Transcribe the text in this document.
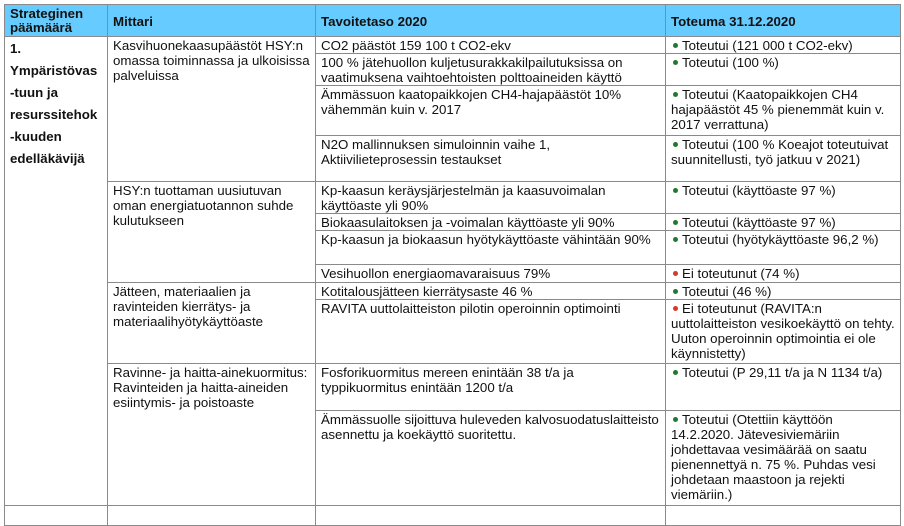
Strateginen päämäärä	Mittari	Tavoitetaso 2020	Toteuma 31.12.2020
1. Ympäristövas -tuun ja resurssitehok -kuuden edelläkävijä	Kasvihuonekaasupäästöt HSY:n omassa toiminnassa ja ulkoisissa palveluissa	CO2 päästöt 159 100 t CO2-ekv	Toteutui (121 000 t CO2-ekv)
		100 % jätehuollon kuljetusurakkakilpailutuksissa on vaatimuksena vaihtoehtoisten polttoaineiden käyttö	Toteutui (100 %)
		Ämmässuon kaatopaikkojen CH4-hajapäästöt 10% vähemmän kuin v. 2017	Toteutui (Kaatopaikkojen CH4 hajapäästöt 45 % pienemmät kuin v. 2017 verrattuna)
		N2O mallinnuksen simuloinnin vaihe 1, Aktiivilieteprosessin testaukset	Toteutui (100 % Koeajot toteutuivat suunnitellusti, työ jatkuu v 2021)
	HSY:n tuottaman uusiutuvan oman energiatuotannon suhde kulutukseen	Kp-kaasun keräysjärjestelmän ja kaasuvoimalan käyttöaste yli 90%	Toteutui (käyttöaste 97 %)
		Biokaasulaitoksen ja -voimalan käyttöaste yli 90%	Toteutui (käyttöaste 97 %)
		Kp-kaasun ja biokaasun hyötykäyttöaste vähintään 90%	Toteutui (hyötykäyttöaste 96,2 %)
		Vesihuollon energiaomavaraisuus 79%	Ei toteutunut (74 %)
	Jätteen, materiaalien ja ravinteiden kierrätys- ja materiaalihyötykäyttöaste	Kotitalousjätteen kierrätysaste 46 %	Toteutui (46 %)
		RAVITA uuttolaitteiston pilotin operoinnin optimointi	Ei toteutunut (RAVITA:n uuttolaitteiston vesikoekäyttö on tehty. Uuton operoinnin optimointia ei ole käynnistetty)
	Ravinne- ja haitta-ainekuormitus: Ravinteiden ja haitta-aineiden esiintymis- ja poistoaste	Fosforikuormitus mereen enintään 38 t/a ja typpikuormitus enintään 1200 t/a	Toteutui (P 29,11 t/a ja N 1134 t/a)
		Ämmässuolle sijoittuva huleveden kalvosuodatuslaitteisto asennettu ja koekäyttö suoritettu.	Toteutui (Otettiin käyttöön 14.2.2020. Jätevesiviemäriin johdettavaa vesimäärää on saatu pienennettyä n. 75 %. Puhdas vesi johdetaan maastoon ja rejekti viemäriin.)
